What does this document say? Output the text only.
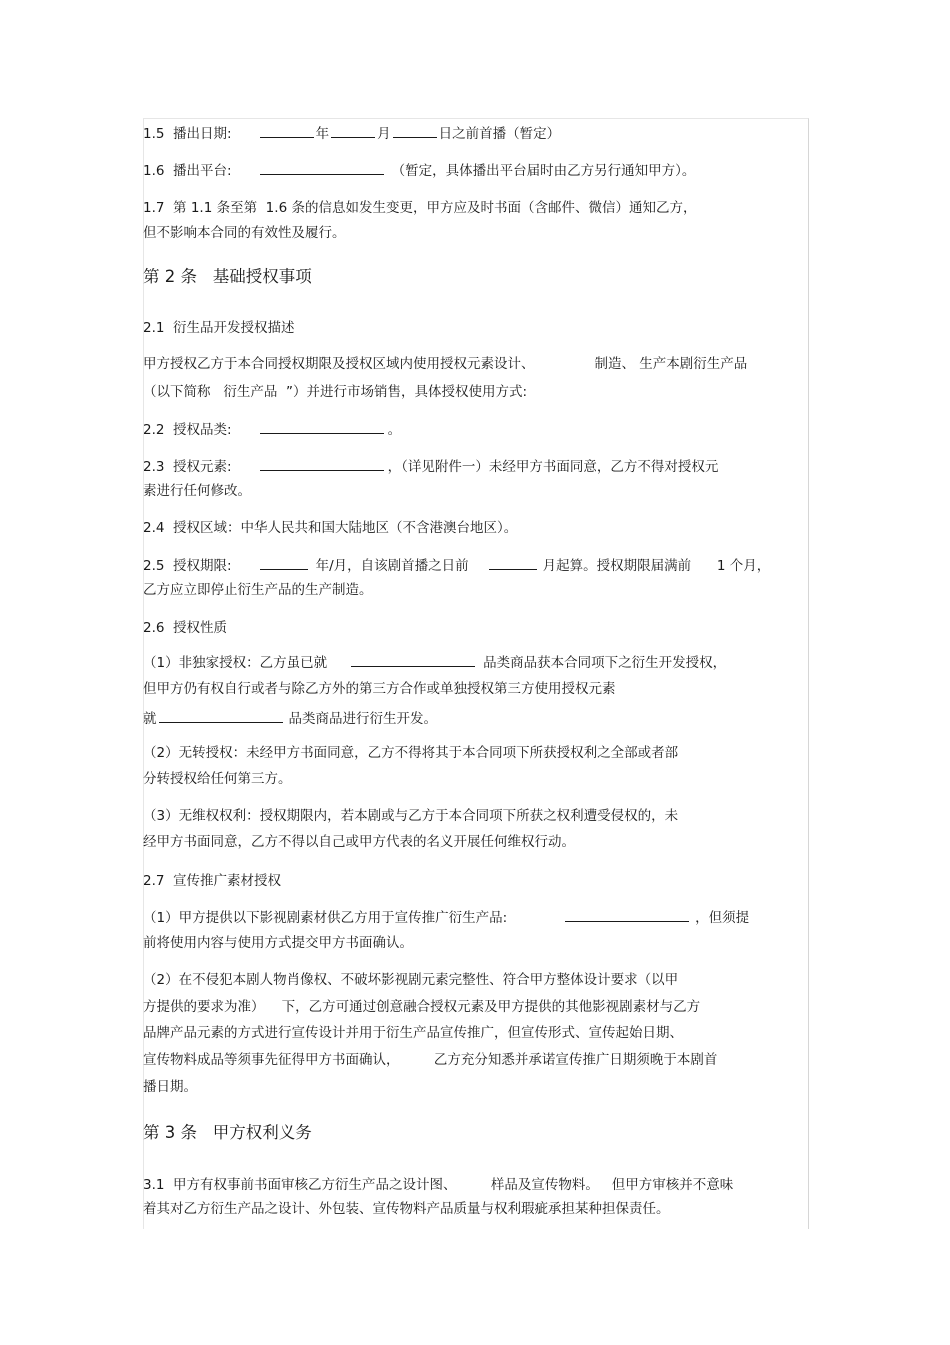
1.5  播出日期:	年	月	日之前首播（暂定）

1.6  播出平台:	（暂定，具体播出平台届时由乙方另行通知甲方）。

1.7  第 1.1 条至第  1.6 条的信息如发生变更，甲方应及时书面（含邮件、微信）通知乙方，

但不影响本合同的有效性及履行。

第 2 条   基础授权事项

2.1  衍生品开发授权描述

甲方授权乙方于本合同授权期限及授权区域内使用授权元素设计、	制造、 生产本剧衍生产品

（以下简称   衍生产品  ”）并进行市场销售，具体授权使用方式:

2.2  授权品类:	。

2.3  授权元素:	，（详见附件一）未经甲方书面同意，乙方不得对授权元

素进行任何修改。

2.4  授权区域：中华人民共和国大陆地区（不含港澳台地区）。

2.5  授权期限:	年/月，自该剧首播之日前	月起算。授权期限届满前      1 个月，

乙方应立即停止衍生产品的生产制造。

2.6  授权性质

（1）非独家授权：乙方虽已就	品类商品获本合同项下之衍生开发授权，

但甲方仍有权自行或者与除乙方外的第三方合作或单独授权第三方使用授权元素

就	品类商品进行衍生开发。

（2）无转授权：未经甲方书面同意，乙方不得将其于本合同项下所获授权利之全部或者部

分转授权给任何第三方。

（3）无维权权利：授权期限内，若本剧或与乙方于本合同项下所获之权利遭受侵权的，未

经甲方书面同意，乙方不得以自己或甲方代表的名义开展任何维权行动。

2.7  宣传推广素材授权

（1）甲方提供以下影视剧素材供乙方用于宣传推广衍生产品:	，但须提

前将使用内容与使用方式提交甲方书面确认。

（2）在不侵犯本剧人物肖像权、不破坏影视剧元素完整性、符合甲方整体设计要求（以甲

方提供的要求为准）    下，乙方可通过创意融合授权元素及甲方提供的其他影视剧素材与乙方

品牌产品元素的方式进行宣传设计并用于衍生产品宣传推广，但宣传形式、宣传起始日期、

宣传物料成品等须事先征得甲方书面确认，        乙方充分知悉并承诺宣传推广日期须晚于本剧首

播日期。

第 3 条   甲方权利义务

3.1  甲方有权事前书面审核乙方衍生产品之设计图、        样品及宣传物料。   但甲方审核并不意味

着其对乙方衍生产品之设计、外包装、宣传物料产品质量与权利瑕疵承担某种担保责任。
